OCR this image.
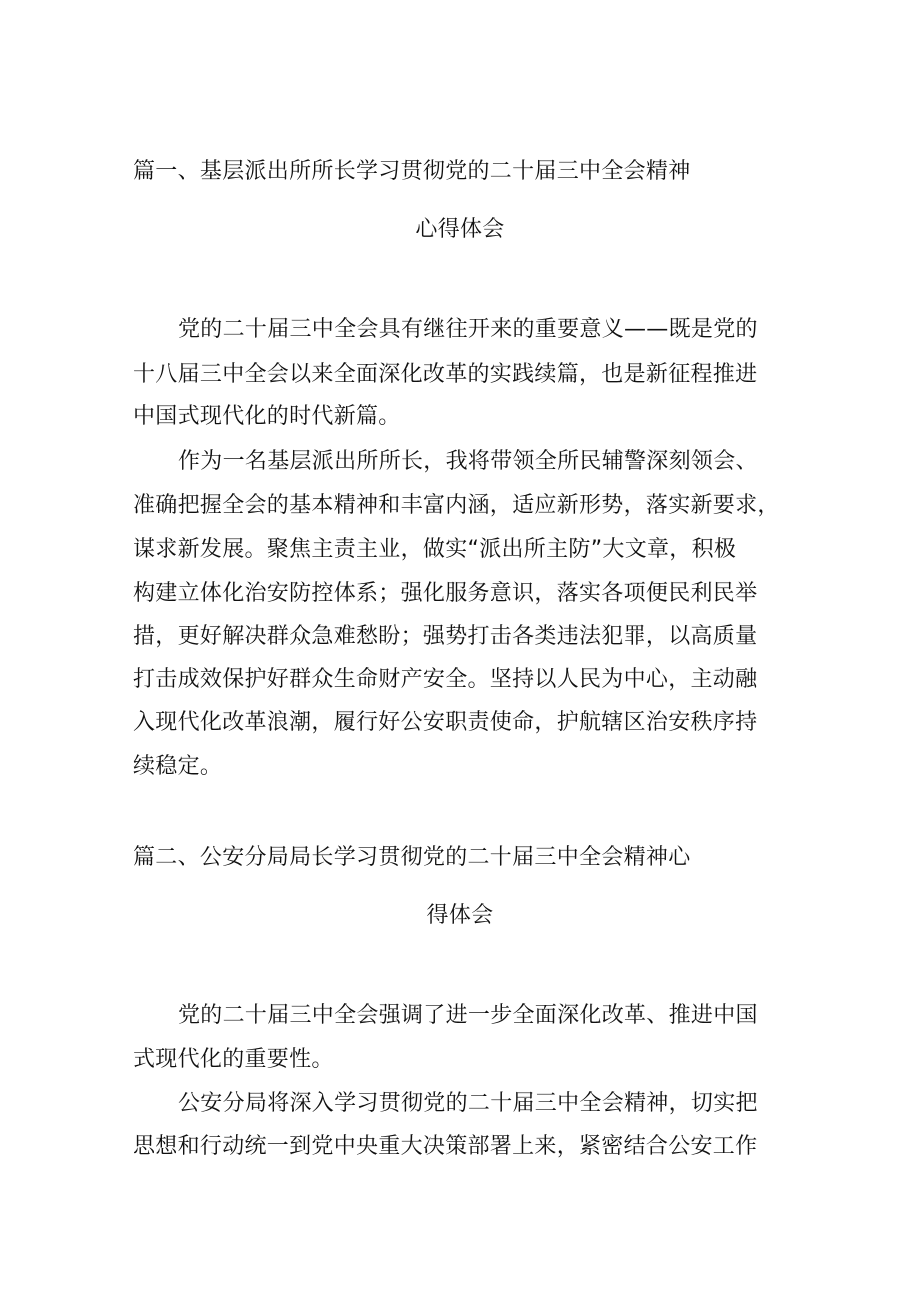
篇一、基层派出所所长学习贯彻党的二十届三中全会精神
心得体会
党的二十届三中全会具有继往开来的重要意义——既是党的
十八届三中全会以来全面深化改革的实践续篇，也是新征程推进
中国式现代化的时代新篇。
作为一名基层派出所所长，我将带领全所民辅警深刻领会、
准确把握全会的基本精神和丰富内涵，适应新形势，落实新要求，
谋求新发展。聚焦主责主业，做实“派出所主防”大文章，积极
构建立体化治安防控体系；强化服务意识，落实各项便民利民举
措，更好解决群众急难愁盼；强势打击各类违法犯罪，以高质量
打击成效保护好群众生命财产安全。坚持以人民为中心，主动融
入现代化改革浪潮，履行好公安职责使命，护航辖区治安秩序持
续稳定。
篇二、公安分局局长学习贯彻党的二十届三中全会精神心
得体会
党的二十届三中全会强调了进一步全面深化改革、推进中国
式现代化的重要性。
公安分局将深入学习贯彻党的二十届三中全会精神，切实把
思想和行动统一到党中央重大决策部署上来，紧密结合公安工作
